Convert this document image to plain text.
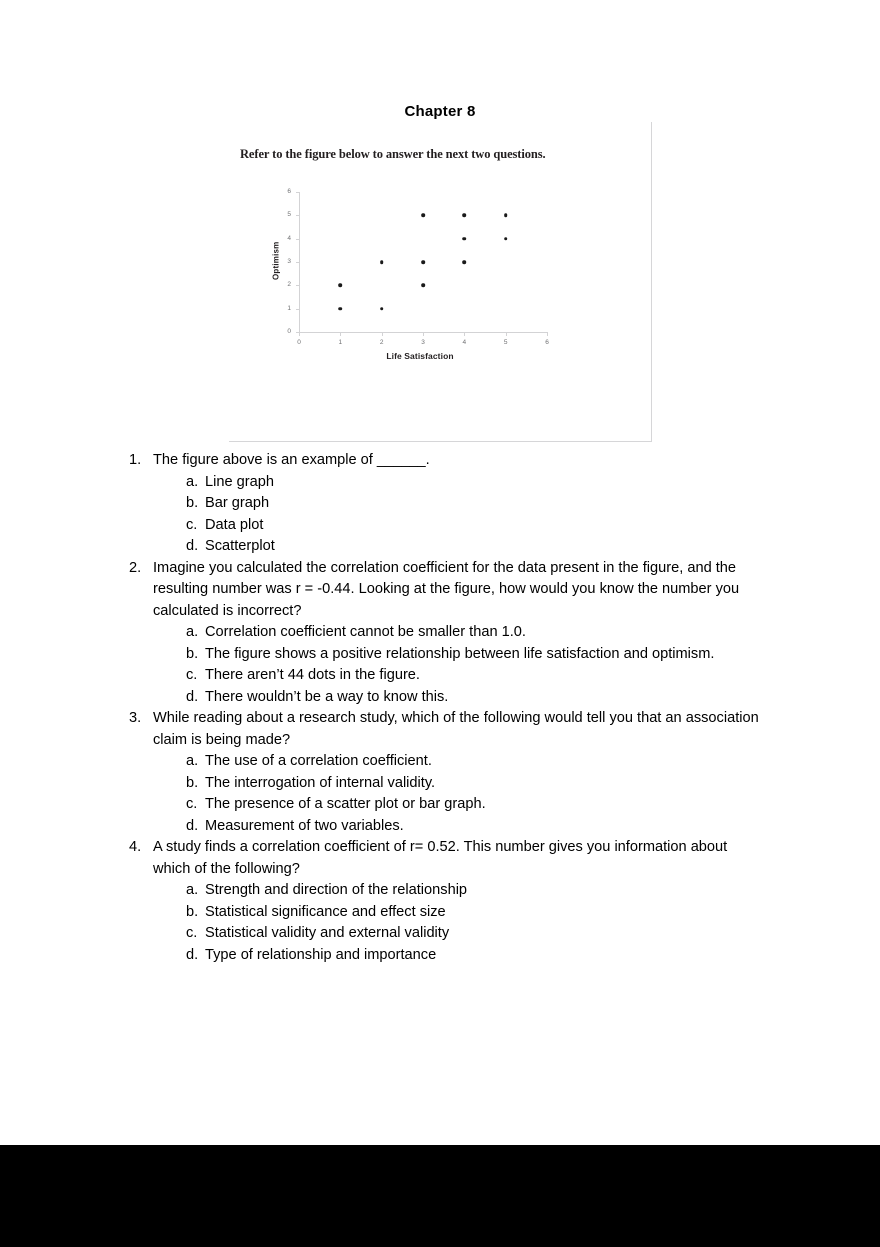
Chapter 8
Refer to the figure below to answer the next two questions.
Optimism
Life Satisfaction
0
1
2
3
4
5
6
0	1	2	3	4	5	6
1. The figure above is an example of ______.
a. Line graph
b. Bar graph
c. Data plot
d. Scatterplot
2. Imagine you calculated the correlation coefficient for the data present in the figure, and the resulting number was r = -0.44. Looking at the figure, how would you know the number you calculated is incorrect?
a. Correlation coefficient cannot be smaller than 1.0.
b. The figure shows a positive relationship between life satisfaction and optimism.
c. There aren’t 44 dots in the figure.
d. There wouldn’t be a way to know this.
3. While reading about a research study, which of the following would tell you that an association claim is being made?
a. The use of a correlation coefficient.
b. The interrogation of internal validity.
c. The presence of a scatter plot or bar graph.
d. Measurement of two variables.
4. A study finds a correlation coefficient of r= 0.52. This number gives you information about which of the following?
a. Strength and direction of the relationship
b. Statistical significance and effect size
c. Statistical validity and external validity
d. Type of relationship and importance
